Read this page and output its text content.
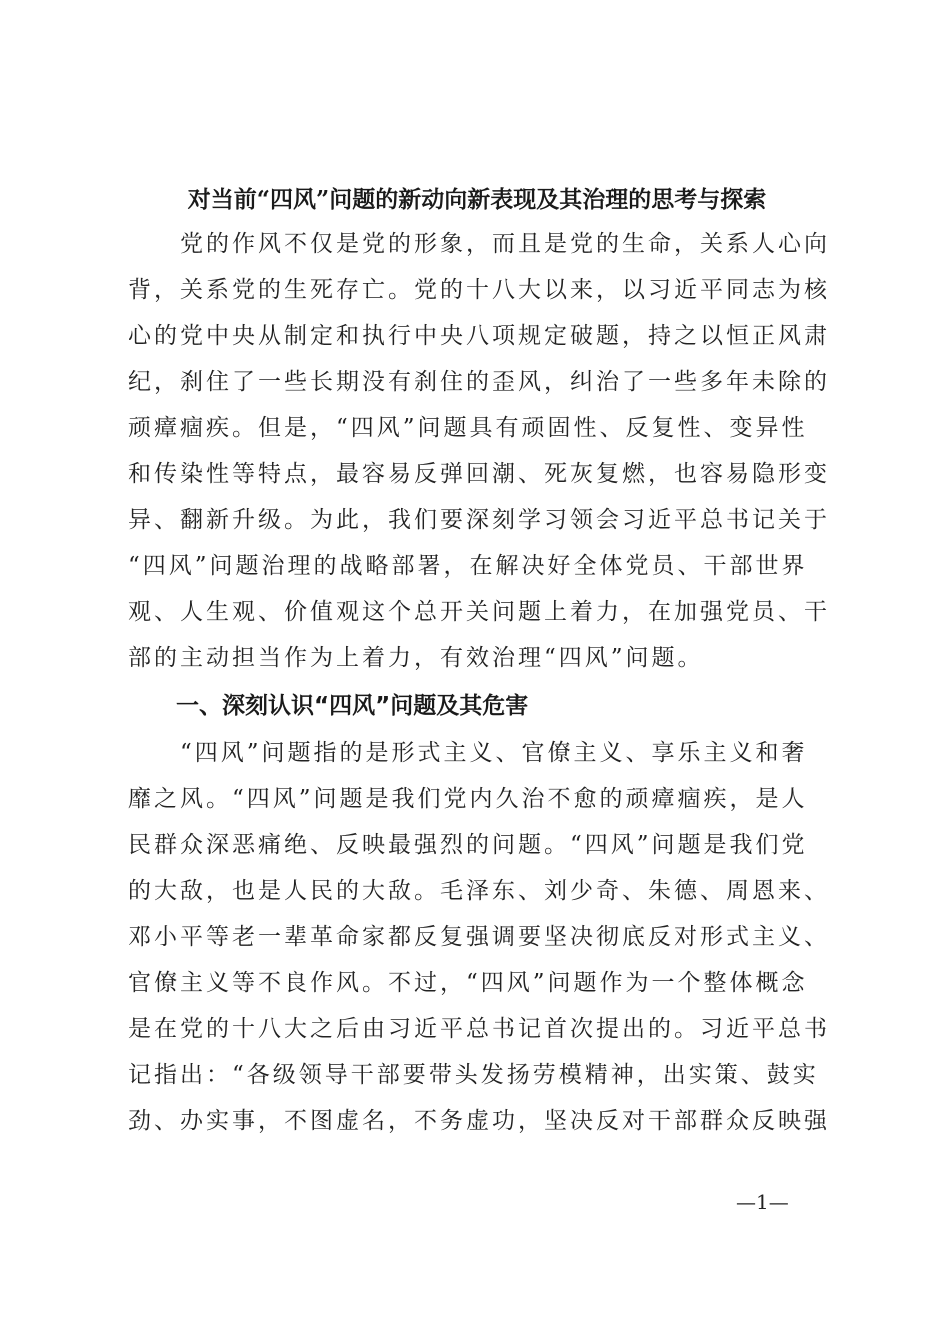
对当前“四风”问题的新动向新表现及其治理的思考与探索
　　党的作风不仅是党的形象，而且是党的生命，关系人心向
背，关系党的生死存亡。党的十八大以来，以习近平同志为核
心的党中央从制定和执行中央八项规定破题，持之以恒正风肃
纪，刹住了一些长期没有刹住的歪风，纠治了一些多年未除的
顽瘴痼疾。但是，“四风”问题具有顽固性、反复性、变异性
和传染性等特点，最容易反弹回潮、死灰复燃，也容易隐形变
异、翻新升级。为此，我们要深刻学习领会习近平总书记关于
“四风”问题治理的战略部署，在解决好全体党员、干部世界
观、人生观、价值观这个总开关问题上着力，在加强党员、干
部的主动担当作为上着力，有效治理“四风”问题。
一、深刻认识“四风”问题及其危害
　　“四风”问题指的是形式主义、官僚主义、享乐主义和奢
靡之风。“四风”问题是我们党内久治不愈的顽瘴痼疾，是人
民群众深恶痛绝、反映最强烈的问题。“四风”问题是我们党
的大敌，也是人民的大敌。毛泽东、刘少奇、朱德、周恩来、
邓小平等老一辈革命家都反复强调要坚决彻底反对形式主义、
官僚主义等不良作风。不过，“四风”问题作为一个整体概念
是在党的十八大之后由习近平总书记首次提出的。习近平总书
记指出：“各级领导干部要带头发扬劳模精神，出实策、鼓实
劲、办实事，不图虚名，不务虚功，坚决反对干部群众反映强
—1—
